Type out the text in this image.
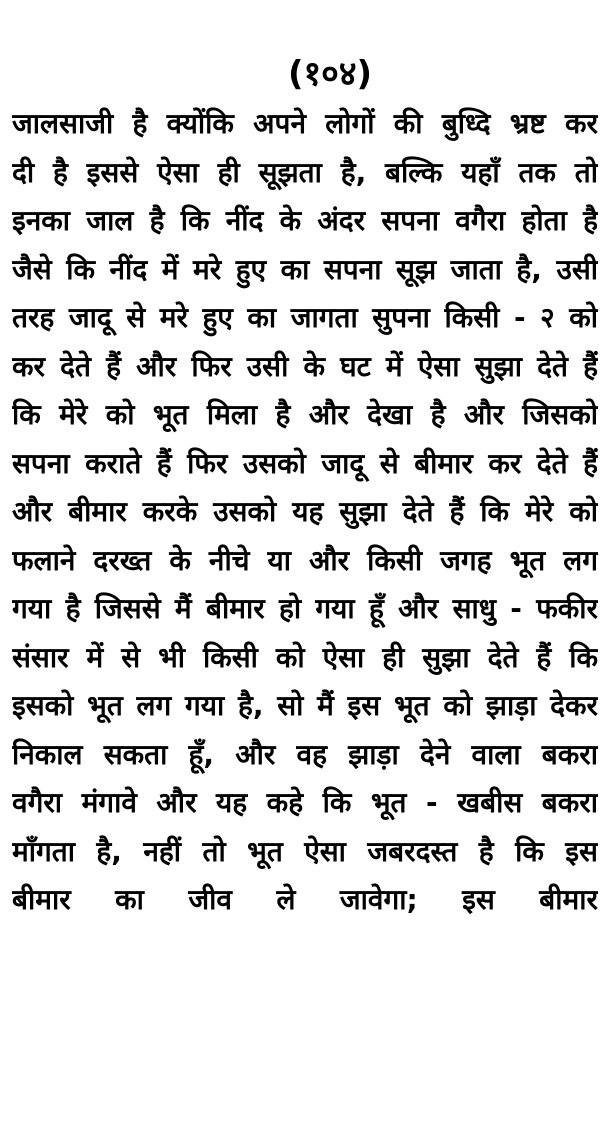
(१०४)
जालसाजी है क्योंकि अपने लोगों की बुध्दि भ्रष्ट कर
दी है इससे ऐसा ही सूझता है, बल्कि यहाँ तक तो
इनका जाल है कि नींद के अंदर सपना वगैरा होता है
जैसे कि नींद में मरे हुए का सपना सूझ जाता है, उसी
तरह जादू से मरे हुए का जागता सुपना किसी - २ को
कर देते हैं और फिर उसी के घट में ऐसा सुझा देते हैं
कि मेरे को भूत मिला है और देखा है और जिसको
सपना कराते हैं फिर उसको जादू से बीमार कर देते हैं
और बीमार करके उसको यह सुझा देते हैं कि मेरे को
फलाने दरख्त के नीचे या और किसी जगह भूत लग
गया है जिससे मैं बीमार हो गया हूँ और साधु - फकीर
संसार में से भी किसी को ऐसा ही सुझा देते हैं कि
इसको भूत लग गया है, सो मैं इस भूत को झाड़ा देकर
निकाल सकता हूँ, और वह झाड़ा देने वाला बकरा
वगैरा मंगावे और यह कहे कि भूत - खबीस बकरा
माँगता है, नहीं तो भूत ऐसा जबरदस्त है कि इस
बीमार का जीव ले जावेगा; इस बीमार
